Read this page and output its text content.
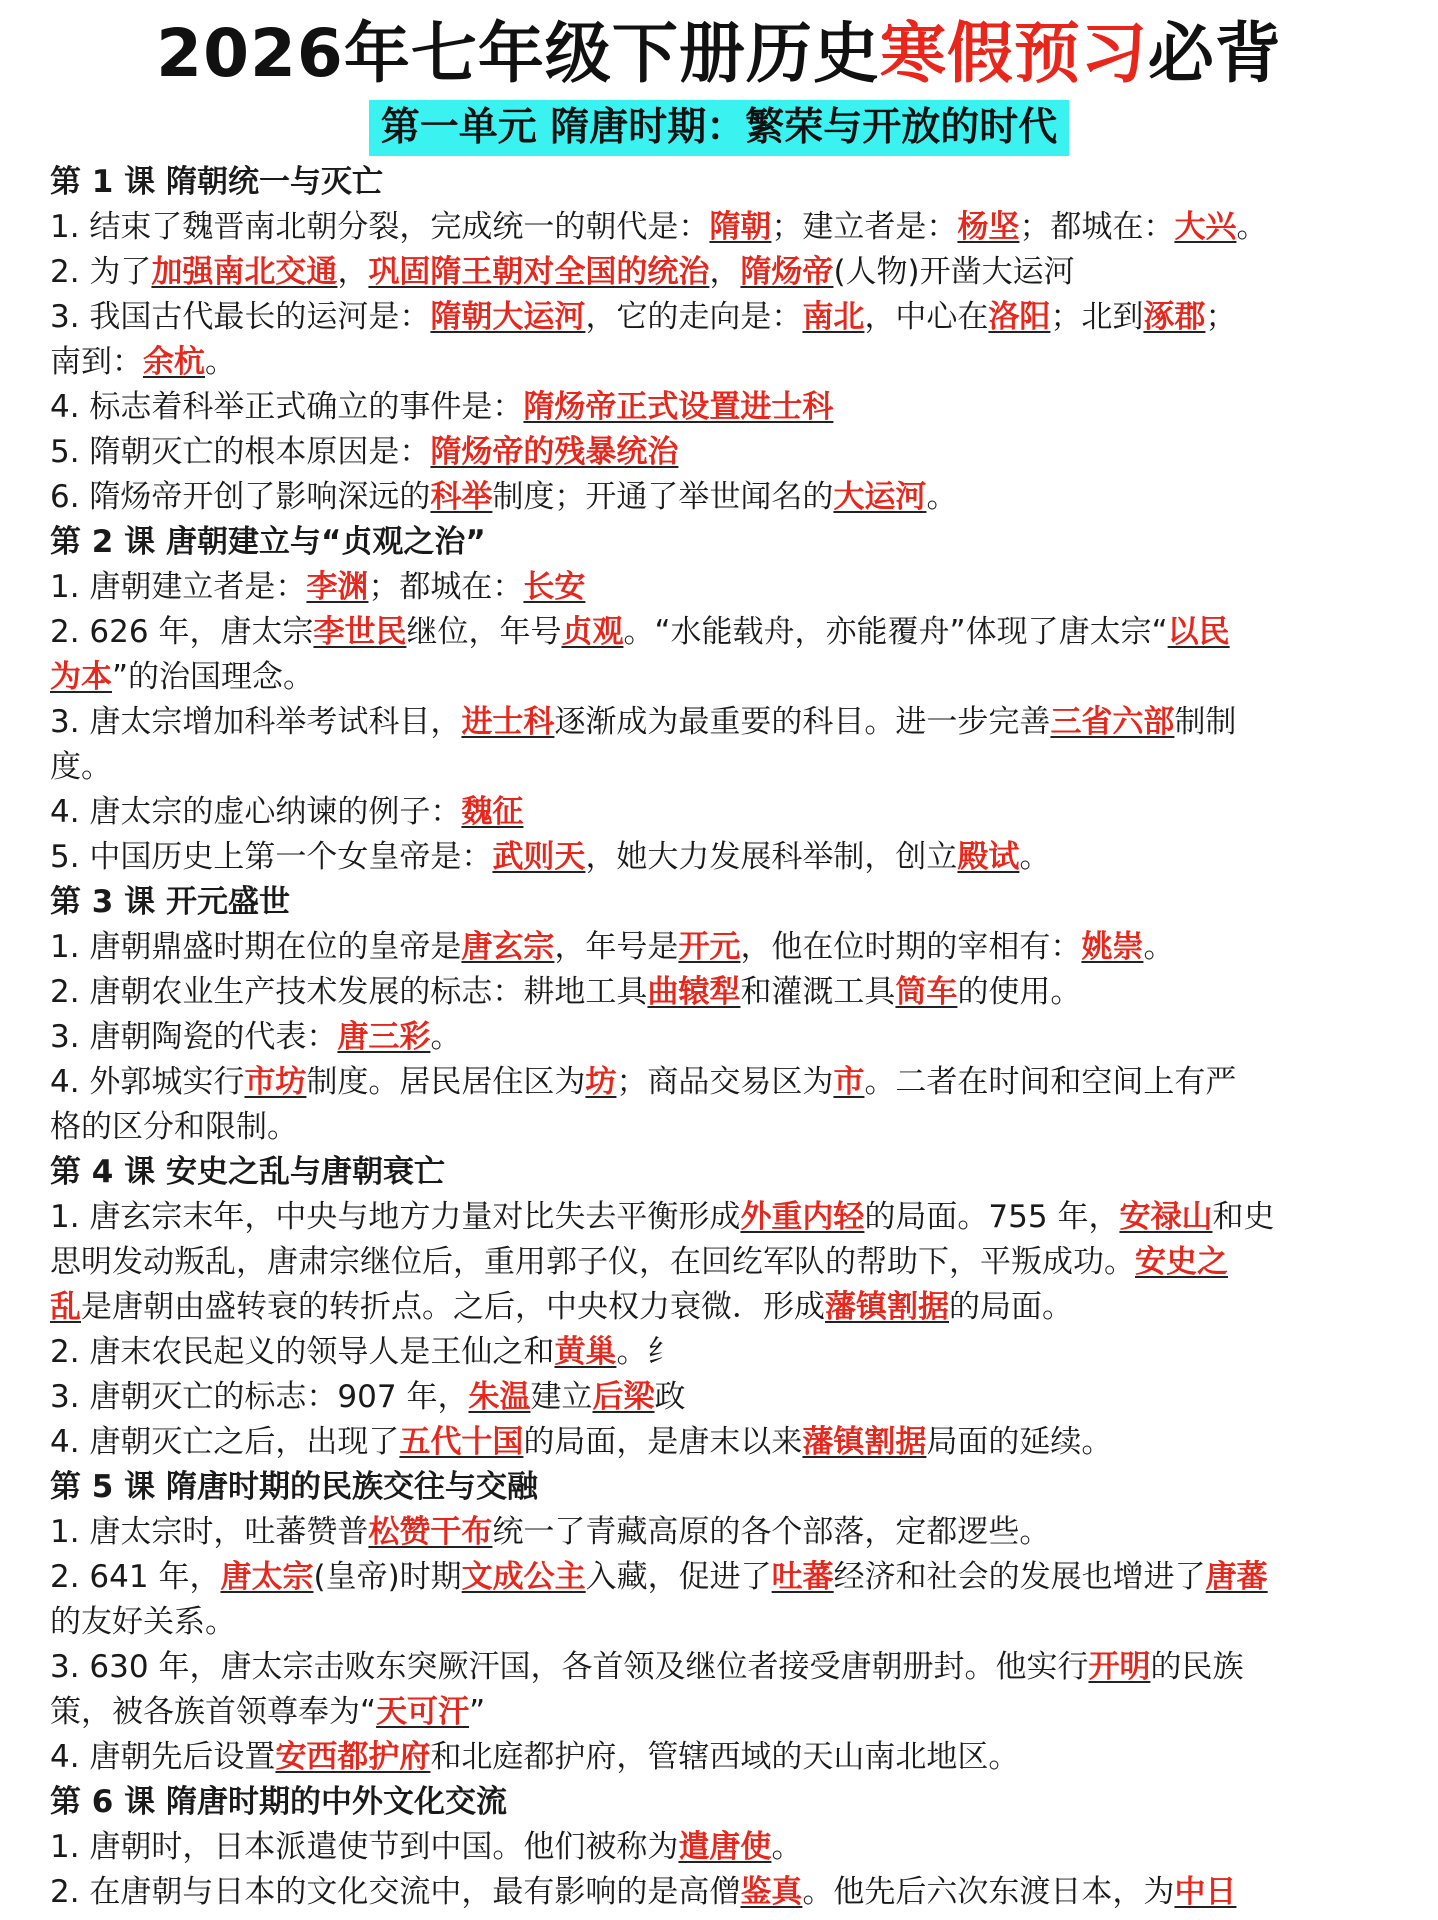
2026年七年级下册历史寒假预习必背
第一单元 隋唐时期：繁荣与开放的时代
第 1 课 隋朝统一与灭亡
1. 结束了魏晋南北朝分裂，完成统一的朝代是：隋朝；建立者是：杨坚；都城在：大兴。
2. 为了加强南北交通，巩固隋王朝对全国的统治，隋炀帝(人物)开凿大运河
3. 我国古代最长的运河是：隋朝大运河，它的走向是：南北，中心在洛阳；北到涿郡；
南到：余杭。
4. 标志着科举正式确立的事件是：隋炀帝正式设置进士科
5. 隋朝灭亡的根本原因是：隋炀帝的残暴统治
6. 隋炀帝开创了影响深远的科举制度；开通了举世闻名的大运河。
第 2 课 唐朝建立与“贞观之治”
1. 唐朝建立者是：李渊；都城在：长安
2. 626 年，唐太宗李世民继位，年号贞观。“水能载舟，亦能覆舟”体现了唐太宗“以民
为本”的治国理念。
3. 唐太宗增加科举考试科目，进士科逐渐成为最重要的科目。进一步完善三省六部制制
度。
4. 唐太宗的虚心纳谏的例子：魏征
5. 中国历史上第一个女皇帝是：武则天，她大力发展科举制，创立殿试。
第 3 课 开元盛世
1. 唐朝鼎盛时期在位的皇帝是唐玄宗，年号是开元，他在位时期的宰相有：姚崇。
2. 唐朝农业生产技术发展的标志：耕地工具曲辕犁和灌溉工具筒车的使用。
3. 唐朝陶瓷的代表：唐三彩。
4. 外郭城实行市坊制度。居民居住区为坊；商品交易区为市。二者在时间和空间上有严
格的区分和限制。
第 4 课 安史之乱与唐朝衰亡
1. 唐玄宗末年，中央与地方力量对比失去平衡形成外重内轻的局面。755 年，安禄山和史
思明发动叛乱，唐肃宗继位后，重用郭子仪，在回纥军队的帮助下，平叛成功。安史之
乱是唐朝由盛转衰的转折点。之后，中央权力衰微．形成藩镇割据的局面。
2. 唐末农民起义的领导人是王仙之和黄巢。纟
3. 唐朝灭亡的标志：907 年，朱温建立后梁政
4. 唐朝灭亡之后，出现了五代十国的局面，是唐末以来藩镇割据局面的延续。
第 5 课 隋唐时期的民族交往与交融
1. 唐太宗时，吐蕃赞普松赞干布统一了青藏高原的各个部落，定都逻些。
2. 641 年，唐太宗(皇帝)时期文成公主入藏，促进了吐蕃经济和社会的发展也增进了唐蕃
的友好关系。
3. 630 年，唐太宗击败东突厥汗国，各首领及继位者接受唐朝册封。他实行开明的民族
策，被各族首领尊奉为“天可汗”
4. 唐朝先后设置安西都护府和北庭都护府，管辖西域的天山南北地区。
第 6 课 隋唐时期的中外文化交流
1. 唐朝时，日本派遣使节到中国。他们被称为遣唐使。
2. 在唐朝与日本的文化交流中，最有影响的是高僧鉴真。他先后六次东渡日本，为中日
